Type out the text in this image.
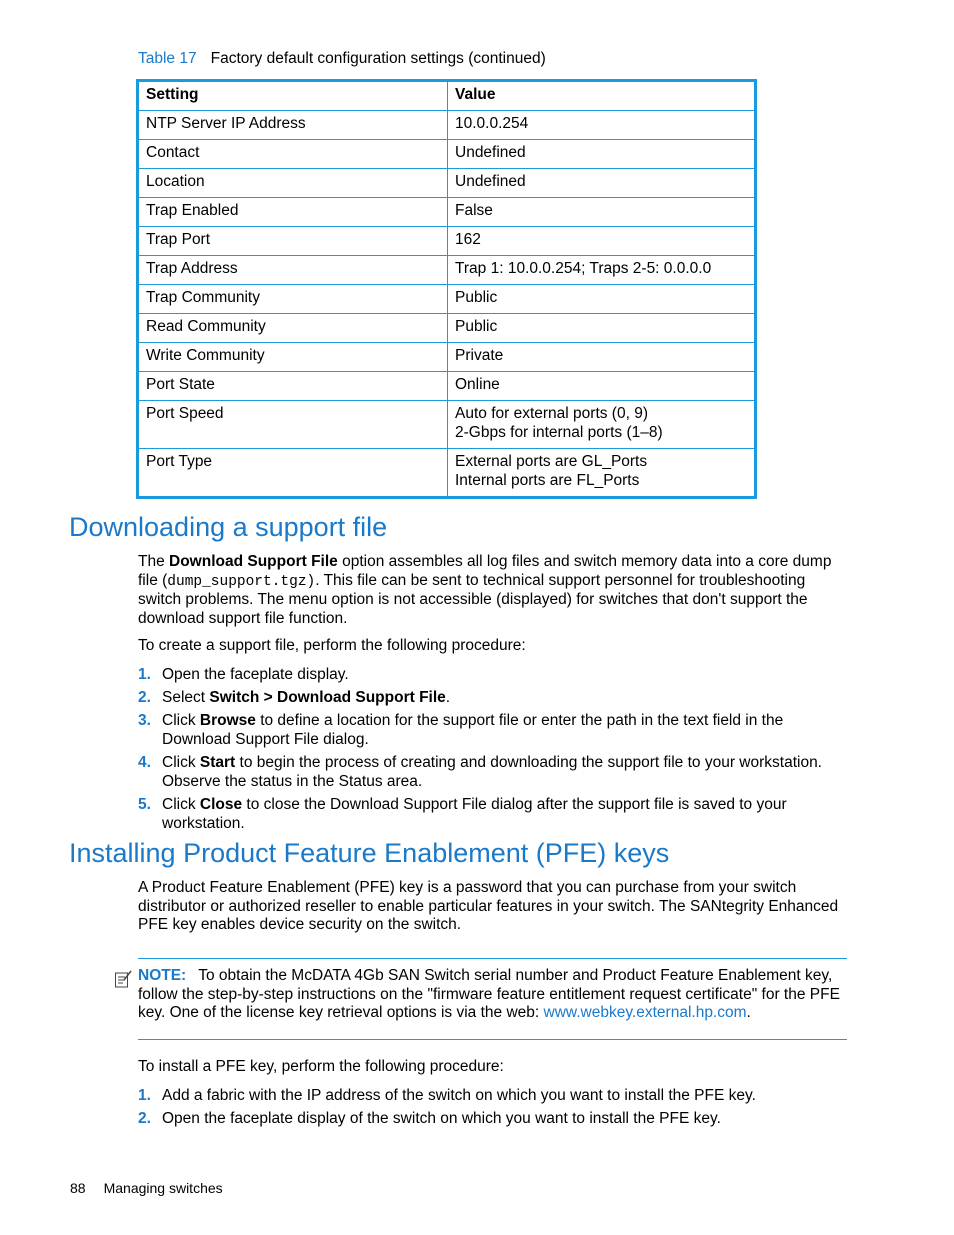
Table 17 Factory default configuration settings (continued)
Setting	Value
NTP Server IP Address	10.0.0.254

Contact	Undefined

Location	Undefined

Trap Enabled	False

Trap Port	162

Trap Address	Trap 1: 10.0.0.254; Traps 2-5: 0.0.0.0

Trap Community	Public

Read Community	Public

Write Community	Private

Port State	Online

Port Speed	Auto for external ports (0, 9)
2-Gbps for internal ports (1–8)

Port Type	External ports are GL_Ports
Internal ports are FL_Ports
Downloading a support file

The Download Support File option assembles all log files and switch memory data into a core dump file (dump_support.tgz). This file can be sent to technical support personnel for troubleshooting switch problems. The menu option is not accessible (displayed) for switches that don't support the download support file function.

To create a support file, perform the following procedure:

1. Open the faceplate display.
2. Select Switch > Download Support File.
3. Click Browse to define a location for the support file or enter the path in the text field in the Download Support File dialog.
4. Click Start to begin the process of creating and downloading the support file to your workstation. Observe the status in the Status area.
5. Click Close to close the Download Support File dialog after the support file is saved to your workstation.
Installing Product Feature Enablement (PFE) keys

A Product Feature Enablement (PFE) key is a password that you can purchase from your switch distributor or authorized reseller to enable particular features in your switch. The SANtegrity Enhanced PFE key enables device security on the switch.

NOTE: To obtain the McDATA 4Gb SAN Switch serial number and Product Feature Enablement key, follow the step-by-step instructions on the "firmware feature entitlement request certificate" for the PFE key. One of the license key retrieval options is via the web: www.webkey.external.hp.com.

To install a PFE key, perform the following procedure:

1. Add a fabric with the IP address of the switch on which you want to install the PFE key.
2. Open the faceplate display of the switch on which you want to install the PFE key.
88 Managing switches
